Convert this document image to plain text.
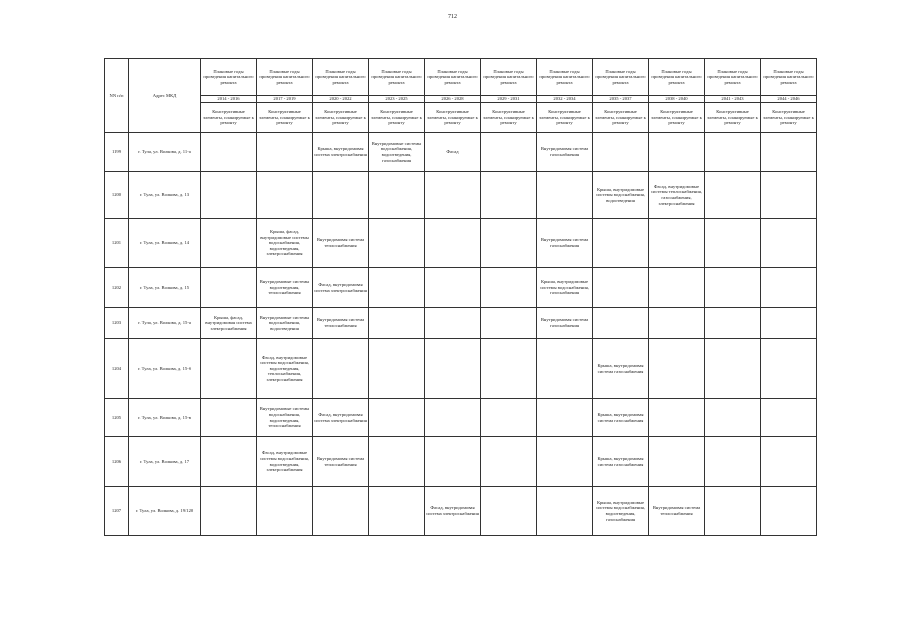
712
NN п/п	Адрес МКД	Плановые годы проведения капитального ремонта	Плановые годы проведения капитального ремонта	Плановые годы проведения капитального ремонта	Плановые годы проведения капитального ремонта	Плановые годы проведения капитального ремонта	Плановые годы проведения капитального ремонта	Плановые годы проведения капитального ремонта	Плановые годы проведения капитального ремонта	Плановые годы проведения капитального ремонта	Плановые годы проведения капитального ремонта	Плановые годы проведения капитального ремонта
		2014 - 2016	2017 - 2019	2020 - 2022	2023 - 2025	2026 - 2028	2029 - 2031	2032 - 2034	2035 - 2037	2038 - 2040	2041 - 2043	2044 - 2046
		Конструктивные элементы, планируемые к ремонту	Конструктивные элементы, планируемые к ремонту	Конструктивные элементы, планируемые к ремонту	Конструктивные элементы, планируемые к ремонту	Конструктивные элементы, планируемые к ремонту	Конструктивные элементы, планируемые к ремонту	Конструктивные элементы, планируемые к ремонту	Конструктивные элементы, планируемые к ремонту	Конструктивные элементы, планируемые к ремонту	Конструктивные элементы, планируемые к ремонту	Конструктивные элементы, планируемые к ремонту
1199	г. Тула, ул. Волкова, д. 11-а			Крыша, внутридомовая система электроснабжения	Внутридомовые системы водоснабжения, водоотведения, газоснабжения	Фасад		Внутридомовая система газоснабжения				
1200	г. Тула, ул. Волкова, д. 13								Крыша, внутридомовые системы водоснабжения, водоотведения	Фасад, внутридомовые системы теплоснабжения, газоснабжения, электроснабжения		
1201	г. Тула, ул. Волкова, д. 14		Крыша, фасад, внутридомовые системы водоснабжения, водоотведения, электроснабжения	Внутридомовая система теплоснабжения				Внутридомовая система газоснабжения				
1202	г. Тула, ул. Волкова, д. 15		Внутридомовые системы водоотведения, теплоснабжения	Фасад, внутридомовая система электроснабжения				Крыша, внутридомовые системы водоснабжения, газоснабжения				
1203	г. Тула, ул. Волкова, д. 15-а	Крыша, фасад, внутридомовая система электроснабжения	Внутридомовые системы водоснабжения, водоотведения	Внутридомовая система теплоснабжения				Внутридомовая система газоснабжения				
1204	г. Тула, ул. Волкова, д. 15-б		Фасад, внутридомовые системы водоснабжения, водоотведения, теплоснабжения, электроснабжения						Крыша, внутридомовая система газоснабжения			
1205	г. Тула, ул. Волкова, д. 15-в		Внутридомовые системы водоснабжения, водоотведения, теплоснабжения	Фасад, внутридомовая система электроснабжения					Крыша, внутридомовая система газоснабжения			
1206	г. Тула, ул. Волкова, д. 17		Фасад, внутридомовые системы водоснабжения, водоотведения, электроснабжения	Внутридомовая система теплоснабжения					Крыша, внутридомовая система газоснабжения			
1207	г. Тула, ул. Волкова, д. 19/120					Фасад, внутридомовая система электроснабжения			Крыша, внутридомовые системы водоснабжения, водоотведения, газоснабжения	Внутридомовая система теплоснабжения		
